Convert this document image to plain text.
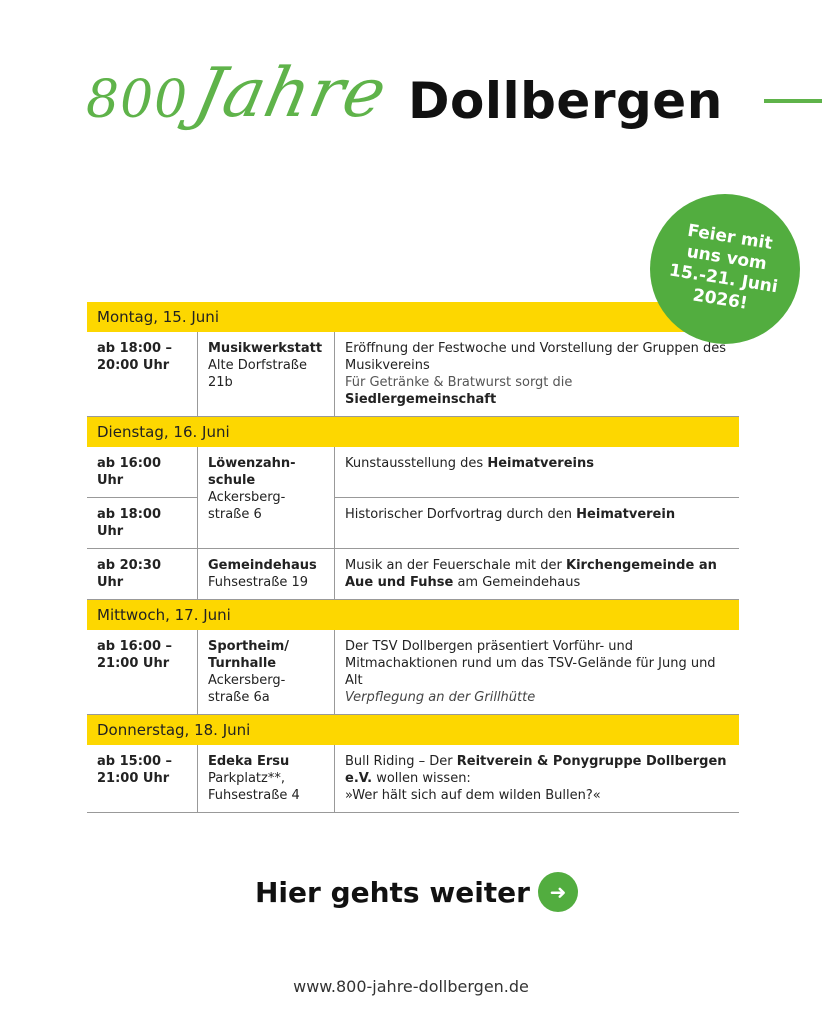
800 Jahre Dollbergen
Feier mit
uns vom
15.-21. Juni
2026!
Montag, 15. Juni
ab 18:00 –
20:00 Uhr
Musikwerkstatt
Alte Dorfstraße
21b
Eröffnung der Festwoche und Vorstellung der Gruppen des Musikvereins
Für Getränke & Bratwurst sorgt die
Siedlergemeinschaft
Dienstag, 16. Juni
ab 16:00 Uhr
ab 18:00 Uhr
Löwenzahn-
schule
Ackersberg-
straße 6
Kunstausstellung des Heimatvereins
Historischer Dorfvortrag durch den Heimatverein
ab 20:30 Uhr
Gemeindehaus
Fuhsestraße 19
Musik an der Feuerschale mit der Kirchengemeinde an Aue und Fuhse am Gemeindehaus
Mittwoch, 17. Juni
ab 16:00 –
21:00 Uhr
Sportheim/
Turnhalle
Ackersberg-
straße 6a
Der TSV Dollbergen präsentiert Vorführ- und Mitmachaktionen rund um das TSV-Gelände für Jung und Alt
Verpflegung an der Grillhütte
Donnerstag, 18. Juni
ab 15:00 –
21:00 Uhr
Edeka Ersu
Parkplatz**,
Fuhsestraße 4
Bull Riding – Der Reitverein & Ponygruppe Dollbergen e.V. wollen wissen:
»Wer hält sich auf dem wilden Bullen?«
Hier gehts weiter ➜
www.800-jahre-dollbergen.de
